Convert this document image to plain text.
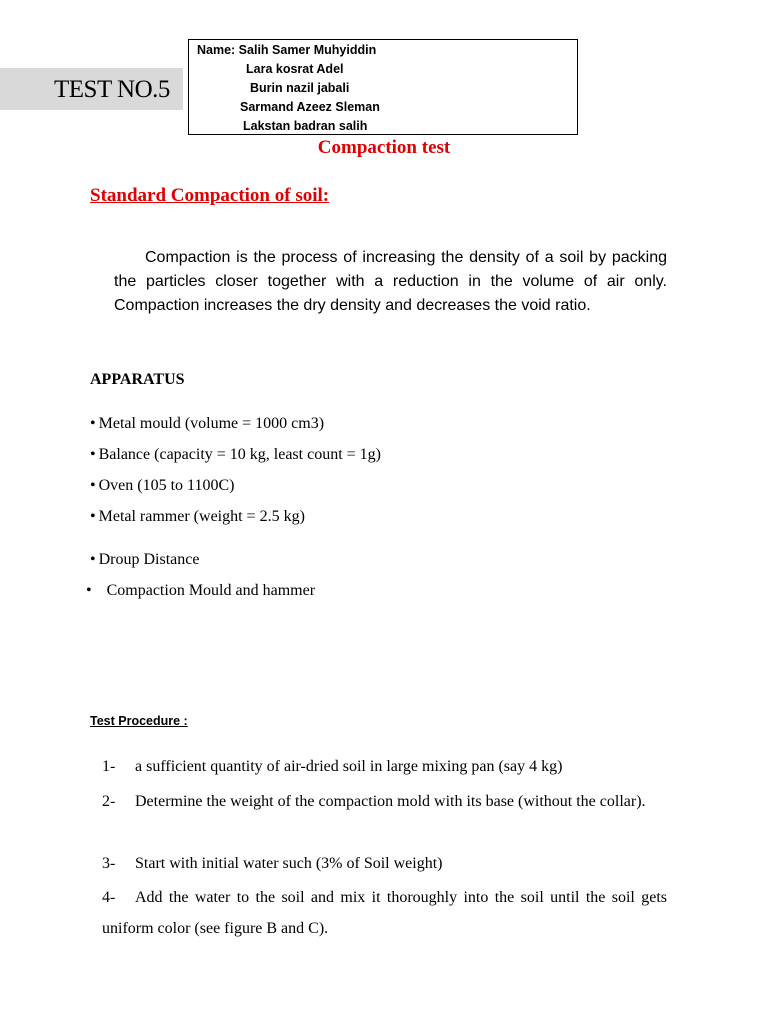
TEST NO.5
Name: Salih Samer Muhyiddin
Lara kosrat Adel
Burin nazil jabali
Sarmand Azeez Sleman
Lakstan badran salih
Compaction test
Standard Compaction of soil:

Compaction is the process of increasing the density of a soil by packing the particles closer together with a reduction in the volume of air only. Compaction increases the dry density and decreases the void ratio.

APPARATUS
• Metal mould (volume = 1000 cm3)
• Balance (capacity = 10 kg, least count = 1g)
• Oven (105 to 1100C)
• Metal rammer (weight = 2.5 kg)
• Droup Distance
• Compaction Mould and hammer
Test Procedure :

1- a sufficient quantity of air-dried soil in large mixing pan (say 4 kg)

2- Determine the weight of the compaction mold with its base (without the collar).

3- Start with initial water such (3% of Soil weight)

4- Add the water to the soil and mix it thoroughly into the soil until the soil gets uniform color (see figure B and C).
